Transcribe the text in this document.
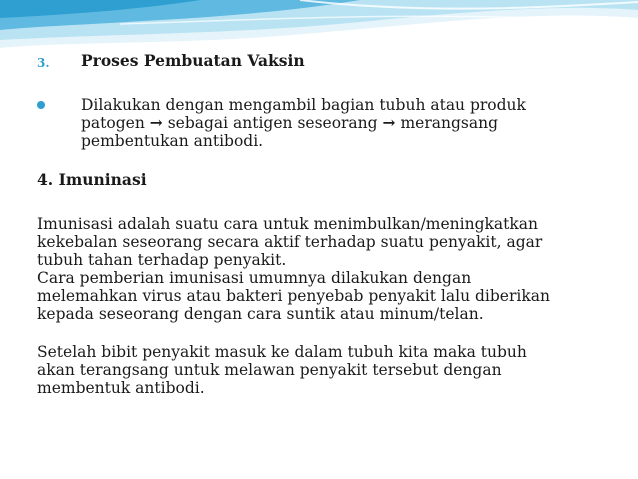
3.	Proses Pembuatan Vaksin
Dilakukan dengan mengambil bagian tubuh atau produk
patogen → sebagai antigen seseorang → merangsang
pembentukan antibodi.
4. Imuninasi
Imunisasi adalah suatu cara untuk menimbulkan/meningkatkan
kekebalan seseorang secara aktif terhadap suatu penyakit, agar
tubuh tahan terhadap penyakit.
Cara pemberian imunisasi umumnya dilakukan dengan
melemahkan virus atau bakteri penyebab penyakit lalu diberikan
kepada seseorang dengan cara suntik atau minum/telan.
Setelah bibit penyakit masuk ke dalam tubuh kita maka tubuh
akan terangsang untuk melawan penyakit tersebut dengan
membentuk antibodi.
